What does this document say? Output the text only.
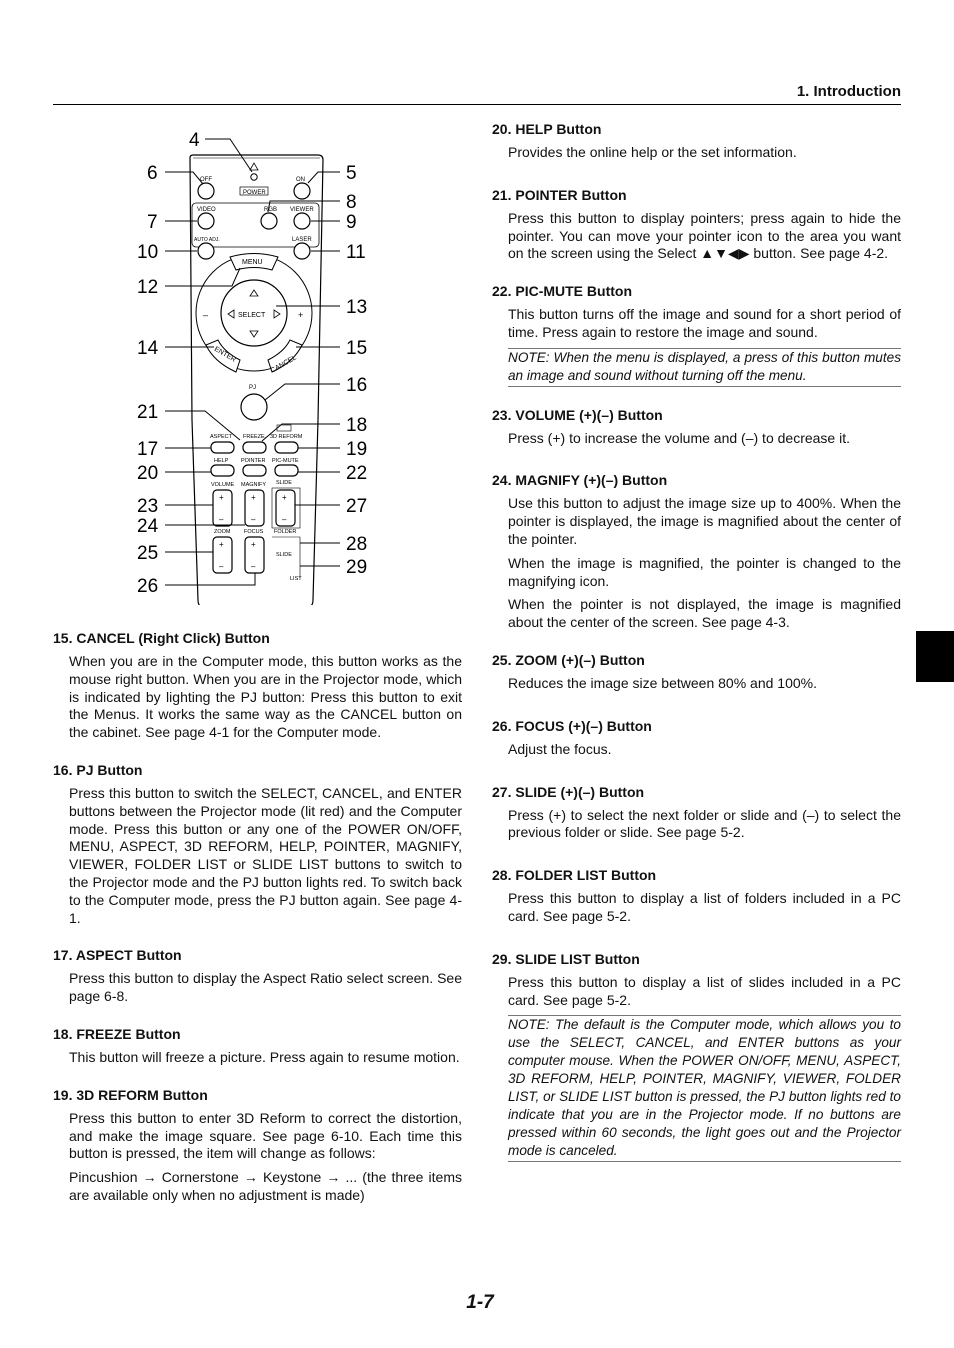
1. Introduction
OFF	ON
POWER
VIDEO	RGB VIEWER
AUTO ADJ.	LASER
MENU
SELECT
–	+
ENTER	CANCEL
PJ
ASPECT FREEZE 3D REFORM
HELP POINTER PIC-MUTE
VOLUME MAGNIFY SLIDE
+
–
+
–
+
–
ZOOM FOCUS FOLDER
+
–
+
–
SLIDE
LIST
4
5
6
7
8
9
10	11
12
13
14	15
16
17
18
19
20
21
22
23
24
25
26
27
28
29
15. CANCEL (Right Click) Button
When you are in the Computer mode, this button works as the mouse right button. When you are in the Projector mode, which is indicated by lighting the PJ button: Press this button to exit the Menus. It works the same way as the CANCEL button on the cabinet. See page 4-1 for the Computer mode.
16. PJ Button
Press this button to switch the SELECT, CANCEL, and ENTER buttons between the Projector mode (lit red) and the Computer mode. Press this button or any one of the POWER ON/OFF, MENU, ASPECT, 3D REFORM, HELP, POINTER, MAGNIFY, VIEWER, FOLDER LIST or SLIDE LIST buttons to switch to the Projector mode and the PJ button lights red. To switch back to the Computer mode, press the PJ button again. See page 4-1.
17. ASPECT Button
Press this button to display the Aspect Ratio select screen. See page 6-8.
18. FREEZE Button
This button will freeze a picture. Press again to resume motion.
19. 3D REFORM Button
Press this button to enter 3D Reform to correct the distortion, and make the image square. See page 6-10. Each time this button is pressed, the item will change as follows:
Pincushion → Cornerstone → Keystone → ... (the three items are available only when no adjustment is made)
20. HELP Button
Provides the online help or the set information.
21. POINTER Button
Press this button to display pointers; press again to hide the pointer. You can move your pointer icon to the area you want on the screen using the Select ▲▼◀▶ button. See page 4-2.
22. PIC-MUTE Button
This button turns off the image and sound for a short period of time. Press again to restore the image and sound.
NOTE: When the menu is displayed, a press of this button mutes an image and sound without turning off the menu.
23. VOLUME (+)(–) Button
Press (+) to increase the volume and (–) to decrease it.
24. MAGNIFY (+)(–) Button
Use this button to adjust the image size up to 400%. When the pointer is displayed, the image is magnified about the center of the pointer.
When the image is magnified, the pointer is changed to the magnifying icon.
When the pointer is not displayed, the image is magnified about the center of the screen. See page 4-3.
25. ZOOM (+)(–) Button
Reduces the image size between 80% and 100%.
26. FOCUS (+)(–) Button
Adjust the focus.
27. SLIDE (+)(–) Button
Press (+) to select the next folder or slide and (–) to select the previous folder or slide. See page 5-2.
28. FOLDER LIST Button
Press this button to display a list of folders included in a PC card. See page 5-2.
29. SLIDE LIST Button
Press this button to display a list of slides included in a PC card. See page 5-2.
NOTE: The default is the Computer mode, which allows you to use the SELECT, CANCEL, and ENTER buttons as your computer mouse. When the POWER ON/OFF, MENU, ASPECT, 3D REFORM, HELP, POINTER, MAGNIFY, VIEWER, FOLDER LIST, or SLIDE LIST button is pressed, the PJ button lights red to indicate that you are in the Projector mode. If no buttons are pressed within 60 seconds, the light goes out and the Projector mode is canceled.
1-7
